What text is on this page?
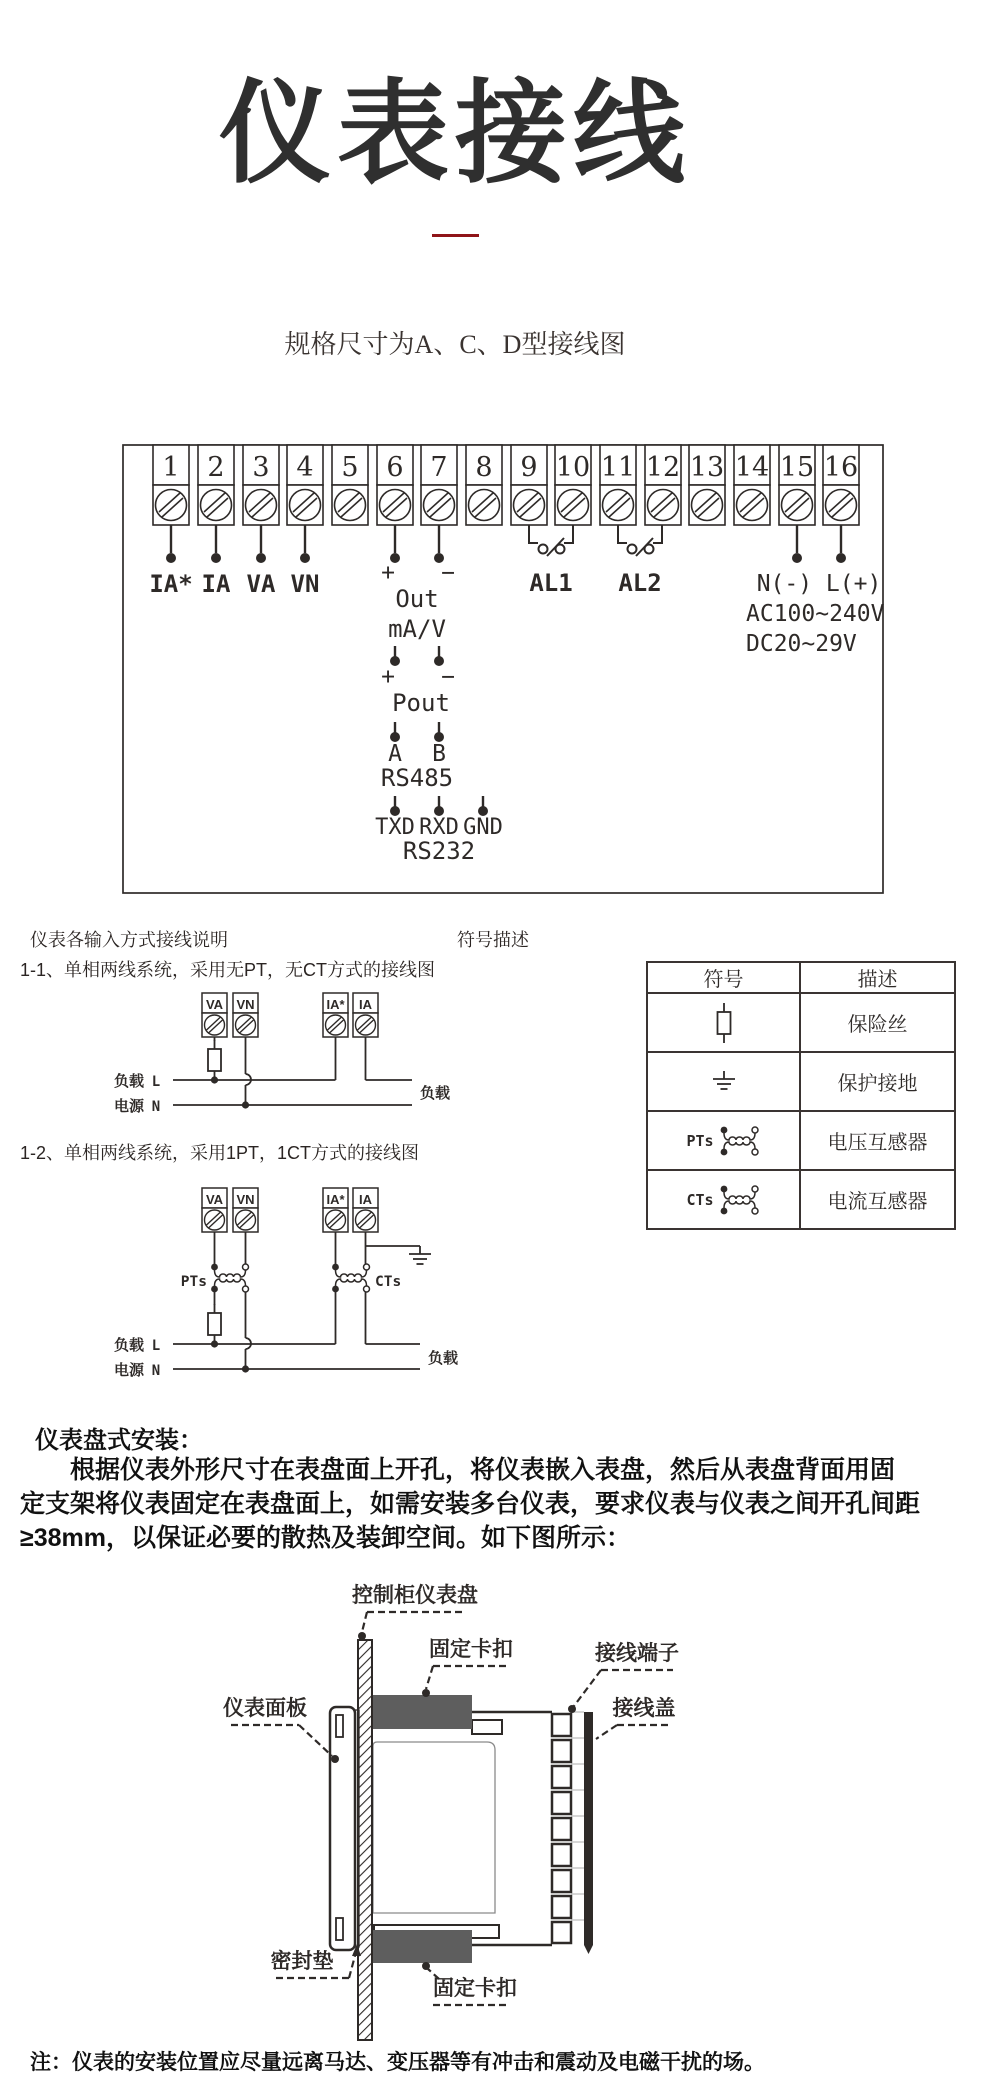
仪表接线
规格尺寸为A、C、D型接线图
1 2 3 4 5 6 7 8 9 10 11 12 13 14 15 16
IA* IA VA VN	+ −
Out
mA/V
+ −
Pout
A B
RS485
TXD RXD GND
RS232
AL1 AL2	N(-) L(+)
AC100~240V
DC20~29V
仪表各输入方式接线说明	符号描述
1-1、单相两线系统，采用无PT，无CT方式的接线图
1-2、单相两线系统，采用1PT，1CT方式的接线图
VA VN	IA* IA
负载 L
电源 N
负载
VA VN	IA* IA
PTs	CTs
负载 L
电源 N
负载
符号	描述

	保险丝

	保护接地

PTs	电压互感器

CTs	电流互感器
仪表盘式安装：
根据仪表外形尺寸在表盘面上开孔，将仪表嵌入表盘，然后从表盘背面用固
定支架将仪表固定在表盘面上，如需安装多台仪表，要求仪表与仪表之间开孔间距
≥38mm，以保证必要的散热及装卸空间。如下图所示：
控制柜仪表盘
固定卡扣	接线端子
接线盖
仪表面板
密封垫
固定卡扣
注：仪表的安装位置应尽量远离马达、变压器等有冲击和震动及电磁干扰的场。
